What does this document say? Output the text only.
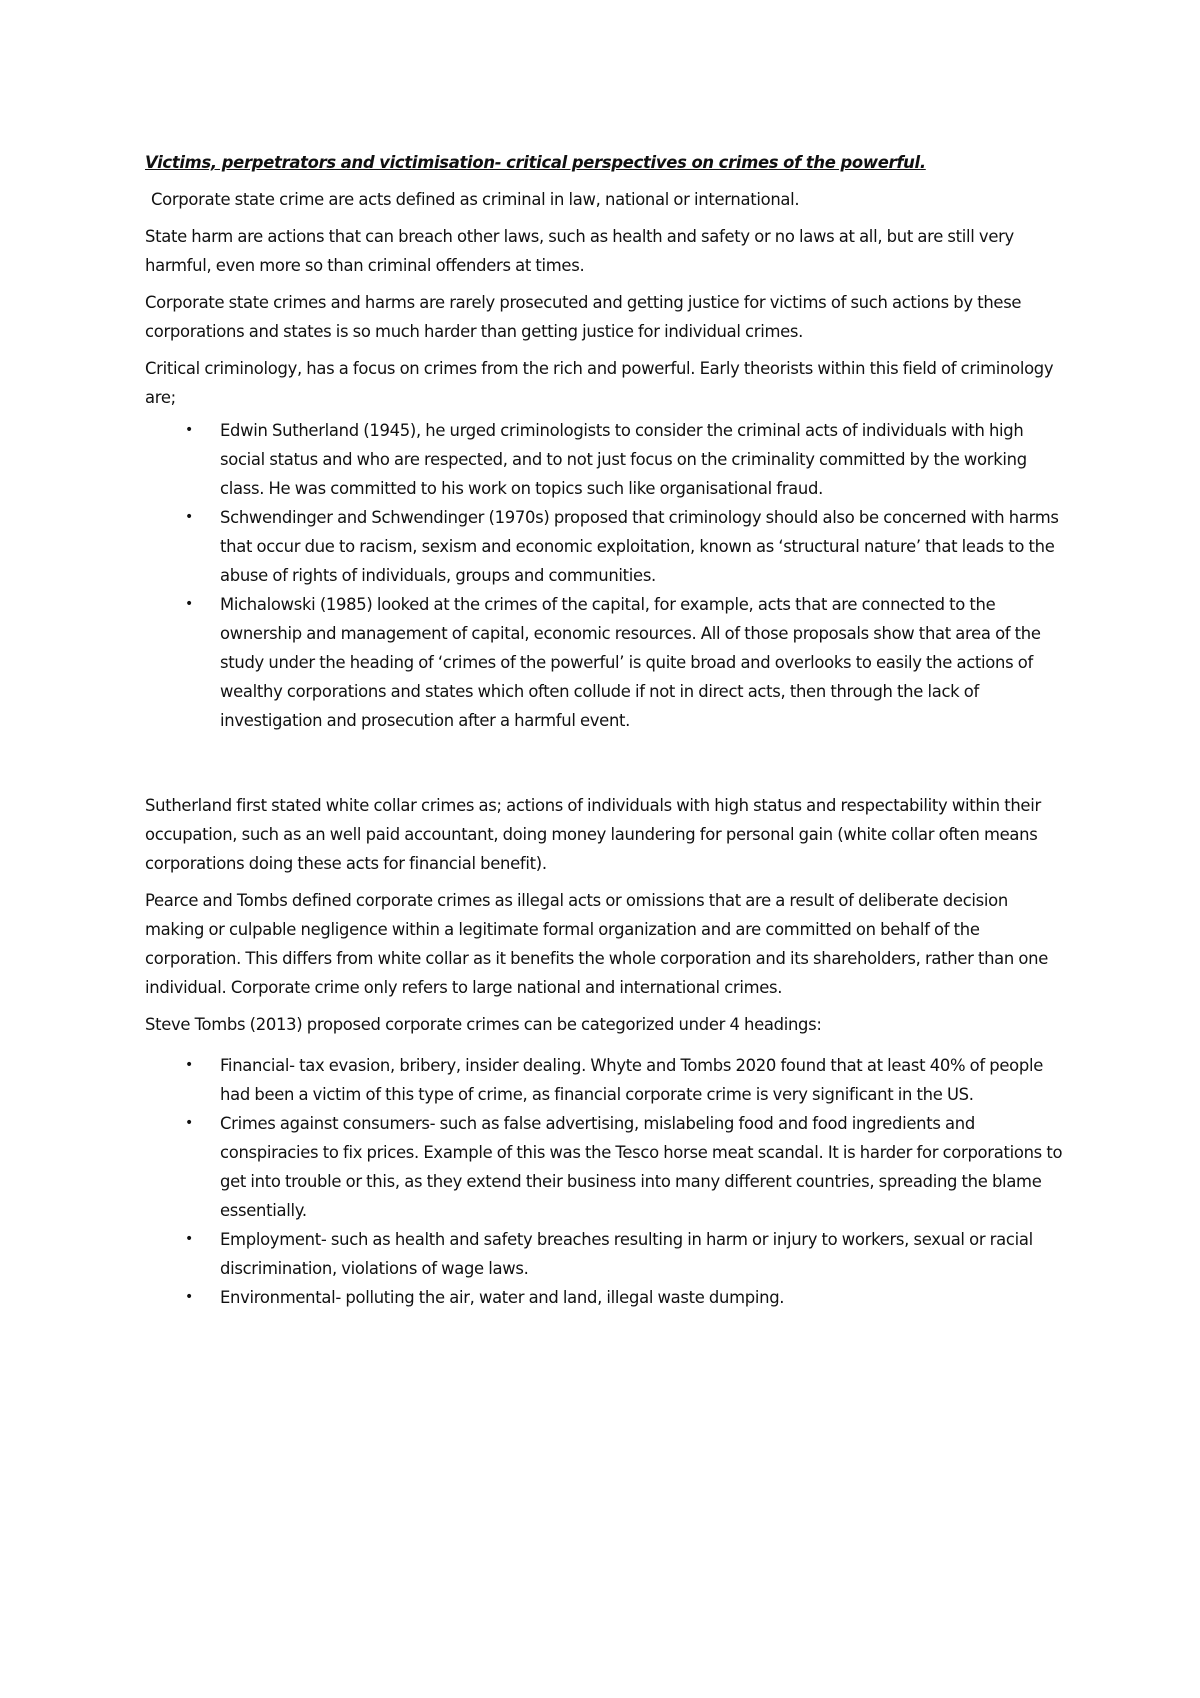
Victims, perpetrators and victimisation- critical perspectives on crimes of the powerful.

Corporate state crime are acts defined as criminal in law, national or international.

State harm are actions that can breach other laws, such as health and safety or no laws at all, but are still very harmful, even more so than criminal offenders at times.

Corporate state crimes and harms are rarely prosecuted and getting justice for victims of such actions by these corporations and states is so much harder than getting justice for individual crimes.

Critical criminology, has a focus on crimes from the rich and powerful. Early theorists within this field of criminology are;

• Edwin Sutherland (1945), he urged criminologists to consider the criminal acts of individuals with high social status and who are respected, and to not just focus on the criminality committed by the working class. He was committed to his work on topics such like organisational fraud.
• Schwendinger and Schwendinger (1970s) proposed that criminology should also be concerned with harms that occur due to racism, sexism and economic exploitation, known as ‘structural nature’ that leads to the abuse of rights of individuals, groups and communities.
• Michalowski (1985) looked at the crimes of the capital, for example, acts that are connected to the ownership and management of capital, economic resources. All of those proposals show that area of the study under the heading of ‘crimes of the powerful’ is quite broad and overlooks to easily the actions of wealthy corporations and states which often collude if not in direct acts, then through the lack of investigation and prosecution after a harmful event.

Sutherland first stated white collar crimes as; actions of individuals with high status and respectability within their occupation, such as an well paid accountant, doing money laundering for personal gain (white collar often means corporations doing these acts for financial benefit).

Pearce and Tombs defined corporate crimes as illegal acts or omissions that are a result of deliberate decision making or culpable negligence within a legitimate formal organization and are committed on behalf of the corporation. This differs from white collar as it benefits the whole corporation and its shareholders, rather than one individual. Corporate crime only refers to large national and international crimes.

Steve Tombs (2013) proposed corporate crimes can be categorized under 4 headings:

• Financial- tax evasion, bribery, insider dealing. Whyte and Tombs 2020 found that at least 40% of people had been a victim of this type of crime, as financial corporate crime is very significant in the US.
• Crimes against consumers- such as false advertising, mislabeling food and food ingredients and conspiracies to fix prices. Example of this was the Tesco horse meat scandal. It is harder for corporations to get into trouble or this, as they extend their business into many different countries, spreading the blame essentially.
• Employment- such as health and safety breaches resulting in harm or injury to workers, sexual or racial discrimination, violations of wage laws.
• Environmental- polluting the air, water and land, illegal waste dumping.
